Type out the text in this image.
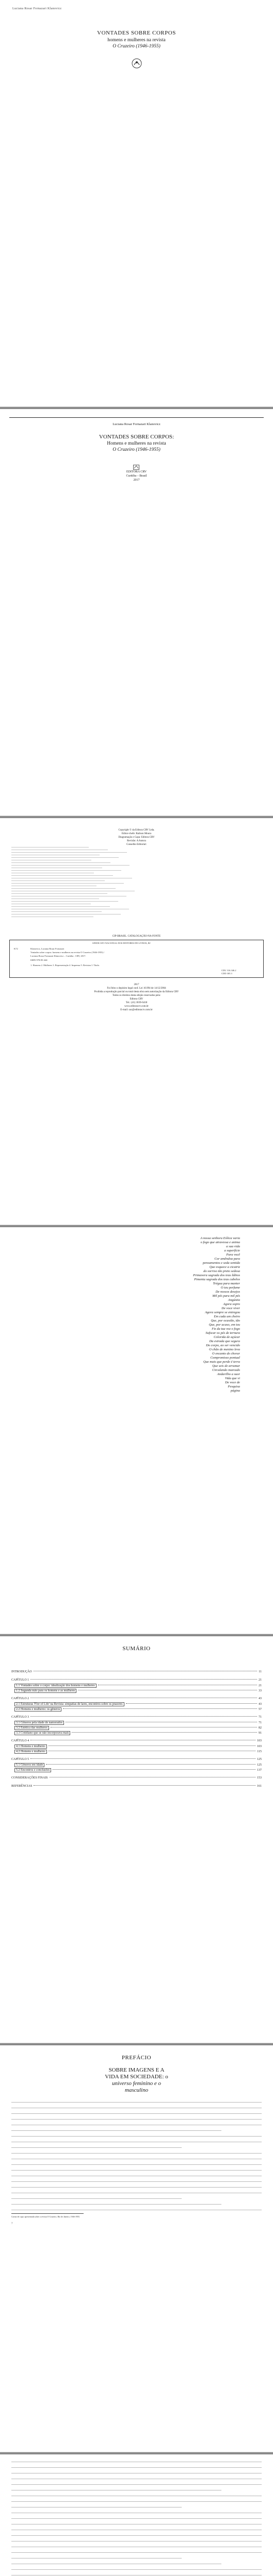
Luciana Rosar Fornazari Klanovicz
VONTADES SOBRE CORPOS
homens e mulheres na revista
O Cruzeiro (1946-1955)
Luciana Rosar Fornazari Klanovicz
VONTADES SOBRE CORPOS:
Homens e mulheres na revista
O Cruzeiro (1946-1955)
EDITORA CRV
Curitiba – Brasil
2017
Copyright © da Editora CRV Ltda.
Editor-chefe: Railson Moura
Diagramação e Capa: Editora CRV
Revisão: A Autora
Conselho Editorial:
CIP-BRASIL. CATALOGAÇÃO-NA-FONTE
SINDICATO NACIONAL DOS EDITORES DE LIVROS, RJ
K72	Klanovicz, Luciana Rosar Fornazari
Vontades sobre corpos: homens e mulheres na revista O Cruzeiro (1946-1955) /
Luciana Rosar Fornazari Klanovicz – Curitiba : CRV, 2017.
ISBN 978-85-444-
1. Homens 2. Mulheres 3. Representação 4. Imprensa 5. Revistas I. Título.
CDU 316.346.2
CDD 305.3
2017
Foi feito o depósito legal conf. Lei 10.994 de 14/12/2004
Proibida a reprodução parcial ou total desta obra sem autorização da Editora CRV
Todos os direitos desta edição reservados pela:
Editora CRV
Tel.: (41) 3039-6418
www.editoracrv.com.br
E-mail: sac@editoracrv.com.br
A nossa senhora Eólica varia
o fogo que atravessa e anima
a sua vida
a superfície
Para você
Cor amêndoa para
pensamentos e seda sentida
Que esquece a cicatriz
do sorriso tão preto sedosa
Primavera sagrada dos teus lábios
Pimenta sagrada dos teus cabelos
Trégua para manter
O teu perfume
De nossos desejos
Mil pés para mil pés
Angústia
Agora sopro
De voce viver
Agora sempre se entregou
Em cada um cheiro
Que, por ocasião, tão
Que, por acaso, em teu
Fiz da tua voz o fogo
Sufocar os pés de ternura
Colorida de açúcar
Da estrada que segura
Do corpo, ao ser vencido
O chão de menino leva
O encanto de chorar
Compromisso pontual
Que mais que perde é terra
Que seis de arrumar
Circulando marcado
Andarilho a suor
Vida que vi
De voce de
Pesquisa
página
SUMÁRIO
INTRODUÇÃO	11
CAPÍTULO 1	21
1.1 Vontades sobre o corpo: idealização dos homens e mulheres	21
1.2 Segunda mão para os homens e as mulheres	33
CAPÍTULO 2	43
2.1 Estruturas 'Flor of Life' na Revista: simpatias de lares, encontros sobre os prazeres	43
2.2 Homens e mulheres: os gêneros	57
CAPÍTULO 3	71
3.1 Gêneros pela idade de namorados	71
3.2 Estética das mulheres	82
3.3 Cotidiano que se não incorporava mais	91
CAPÍTULO 4	103
4.1 Homens e mulheres	103
4.2 Homens e mulheres	115
CAPÍTULO 5	125
5.1 Gêneros em idade	125
5.2 Encontros e conclusões	137
CONSIDERAÇÕES FINAIS	153
REFERÊNCIAS	161
PREFÁCIO
SOBRE IMAGENS E A
VIDA EM SOCIEDADE: o
universo feminino e o
masculino
Cartaz de capa: apresentada sobre a revista O Cruzeiro, Rio de Janeiro, 1946-1955.
7
